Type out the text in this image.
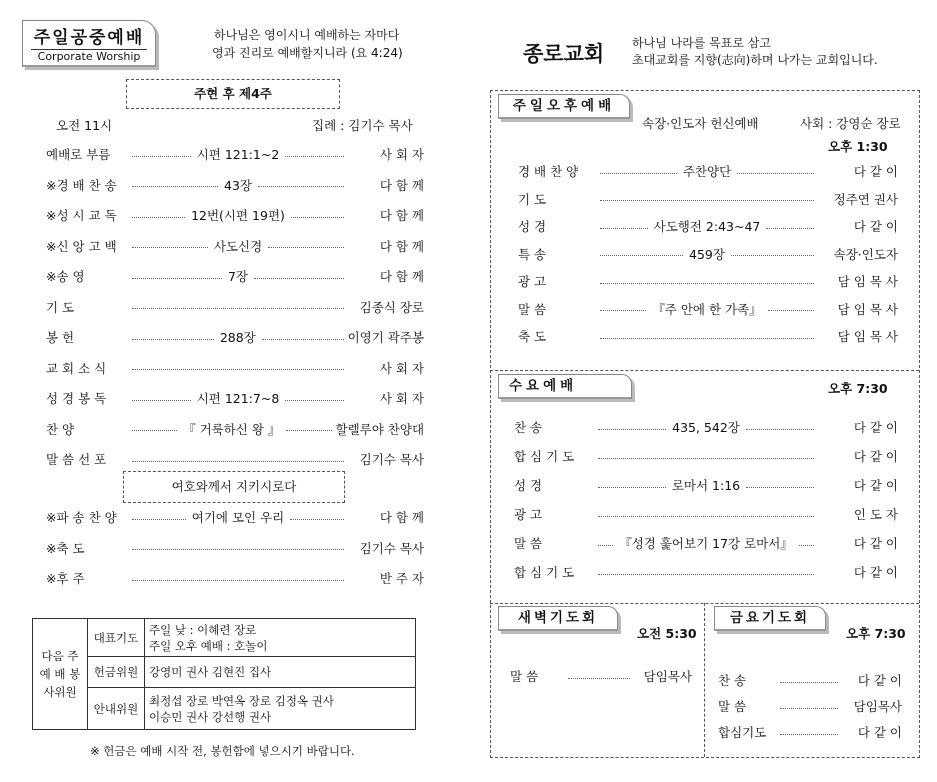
주일공중예배
Corporate Worship
하나님은 영이시니 예배하는 자마다
영과 진리로 예배할지니라 (요 4:24)	종로교회 하나님 나라를 목표로 삼고
초대교회를 지향(志向)하며 나가는 교회입니다.
주현 후 제4주
오전 11시	집례 : 김기수 목사
예배로 부름	시편 121:1~2	사 회 자
※경 배 찬 송	43장	다 함 께
※성 시 교 독	12번(시편 19편)	다 함 께
※신 앙 고 백	사도신경	다 함 께
※송 영	7장	다 함 께
기 도	김종식 장로
봉 헌	288장	이영기 곽주봉
교 회 소 식	사 회 자
성 경 봉 독	시편 121:7~8	사 회 자
찬 양	『 거룩하신 왕 』	할렐루야 찬양대
말 씀 선 포	김기수 목사
여호와께서 지키시로다
※파 송 찬 양	여기에 모인 우리	다 함 께
※축 도	김기수 목사
※후 주	반 주 자
다음 주 예 배 봉사위원	대표기도	주일 낮 : 이혜련 장로
주일 오후 예배 : 호놀이

	헌금위원	강영미 권사 김현진 집사

	안내위원	최정섭 장로 박연옥 장로 김정옥 권사
이승민 권사 강선행 권사
※ 헌금은 예배 시작 전, 봉헌함에 넣으시기 바랍니다.
주일오후예배
속장·인도자 헌신예배	사회 : 강영순 장로
오후 1:30
경 배 찬 양	주찬양단	다 같 이
기 도	정주연 권사
성 경	사도행전 2:43~47	다 같 이
특 송	459장	속장·인도자
광 고	담 임 목 사
말 씀	『주 안에 한 가족』	담 임 목 사
축 도	담 임 목 사
수요예배	오후 7:30
찬 송	435, 542장	다 같 이
합 심 기 도	다 같 이
성 경	로마서 1:16	다 같 이
광 고	인 도 자
말 씀	『성경 훑어보기 17강 로마서』	다 같 이
합 심 기 도	다 같 이
새벽기도회
오전 5:30
말 씀	담임목사
금요기도회
오후 7:30
찬 송	다 같 이
말 씀	담임목사
합심기도	다 같 이
